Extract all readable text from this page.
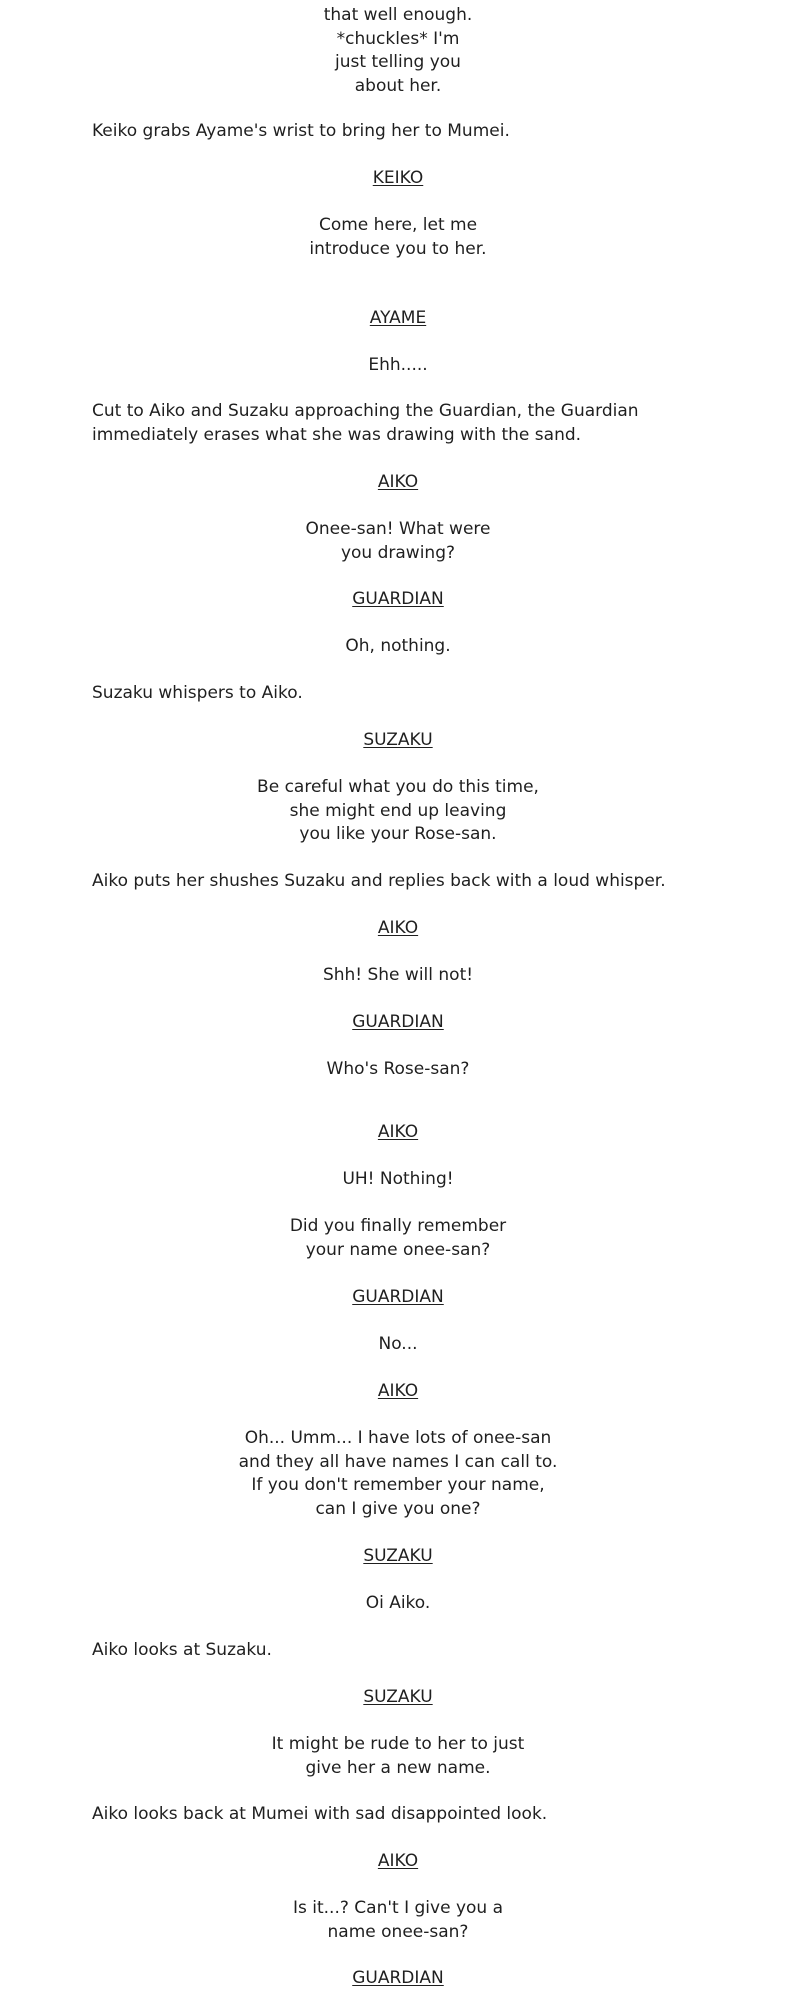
that well enough.
*chuckles* I'm
just telling you
about her.
Keiko grabs Ayame's wrist to bring her to Mumei.
KEIKO
Come here, let me
introduce you to her.
AYAME
Ehh.....
Cut to Aiko and Suzaku approaching the Guardian, the Guardian immediately erases what she was drawing with the sand.
AIKO
Onee-san! What were
you drawing?
GUARDIAN
Oh, nothing.
Suzaku whispers to Aiko.
SUZAKU
Be careful what you do this time,
she might end up leaving
you like your Rose-san.
Aiko puts her shushes Suzaku and replies back with a loud whisper.
AIKO
Shh! She will not!
GUARDIAN
Who's Rose-san?
AIKO
UH! Nothing!
Did you finally remember
your name onee-san?
GUARDIAN
No...
AIKO
Oh... Umm... I have lots of onee-san
and they all have names I can call to.
If you don't remember your name,
can I give you one?
SUZAKU
Oi Aiko.
Aiko looks at Suzaku.
SUZAKU
It might be rude to her to just
give her a new name.
Aiko looks back at Mumei with sad disappointed look.
AIKO
Is it...? Can't I give you a
name onee-san?
GUARDIAN
